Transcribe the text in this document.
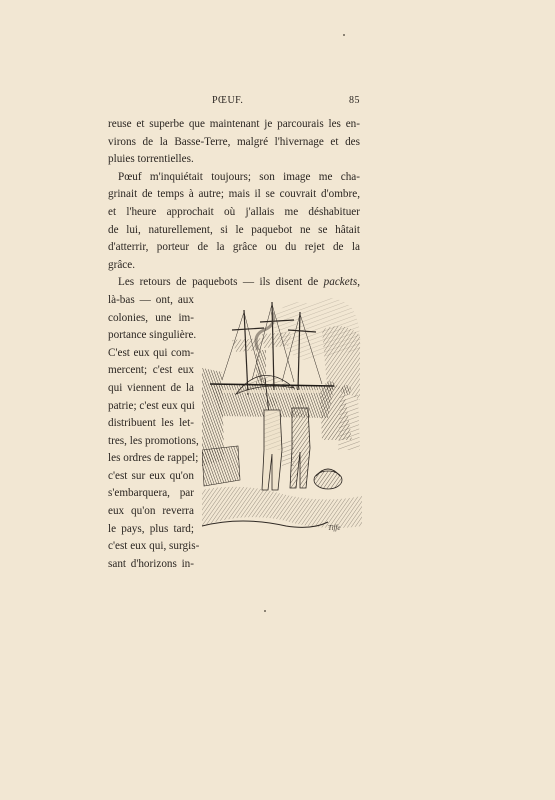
PŒUF.	85
reuse et superbe que maintenant je parcourais les en-
virons de la Basse-Terre, malgré l'hivernage et des
pluies torrentielles.
Pœuf m'inquiétait toujours; son image me cha-
grinait de temps à autre; mais il se couvrait d'ombre,
et l'heure approchait où j'allais me déshabituer
de lui, naturellement, si le paquebot ne se hâtait
d'atterrir, porteur de la grâce ou du rejet de la
grâce.
Les retours de paquebots — ils disent de packets,
là-bas — ont, aux
colonies, une im-
portance singulière.
C'est eux qui com-
mercent; c'est eux
qui viennent de la
patrie; c'est eux qui
distribuent les let-
tres, les promotions,
les ordres de rappel;
c'est sur eux qu'on
s'embarquera, par
eux qu'on reverra
le pays, plus tard;
c'est eux qui, surgis-
sant d'horizons in-
Tiffe
